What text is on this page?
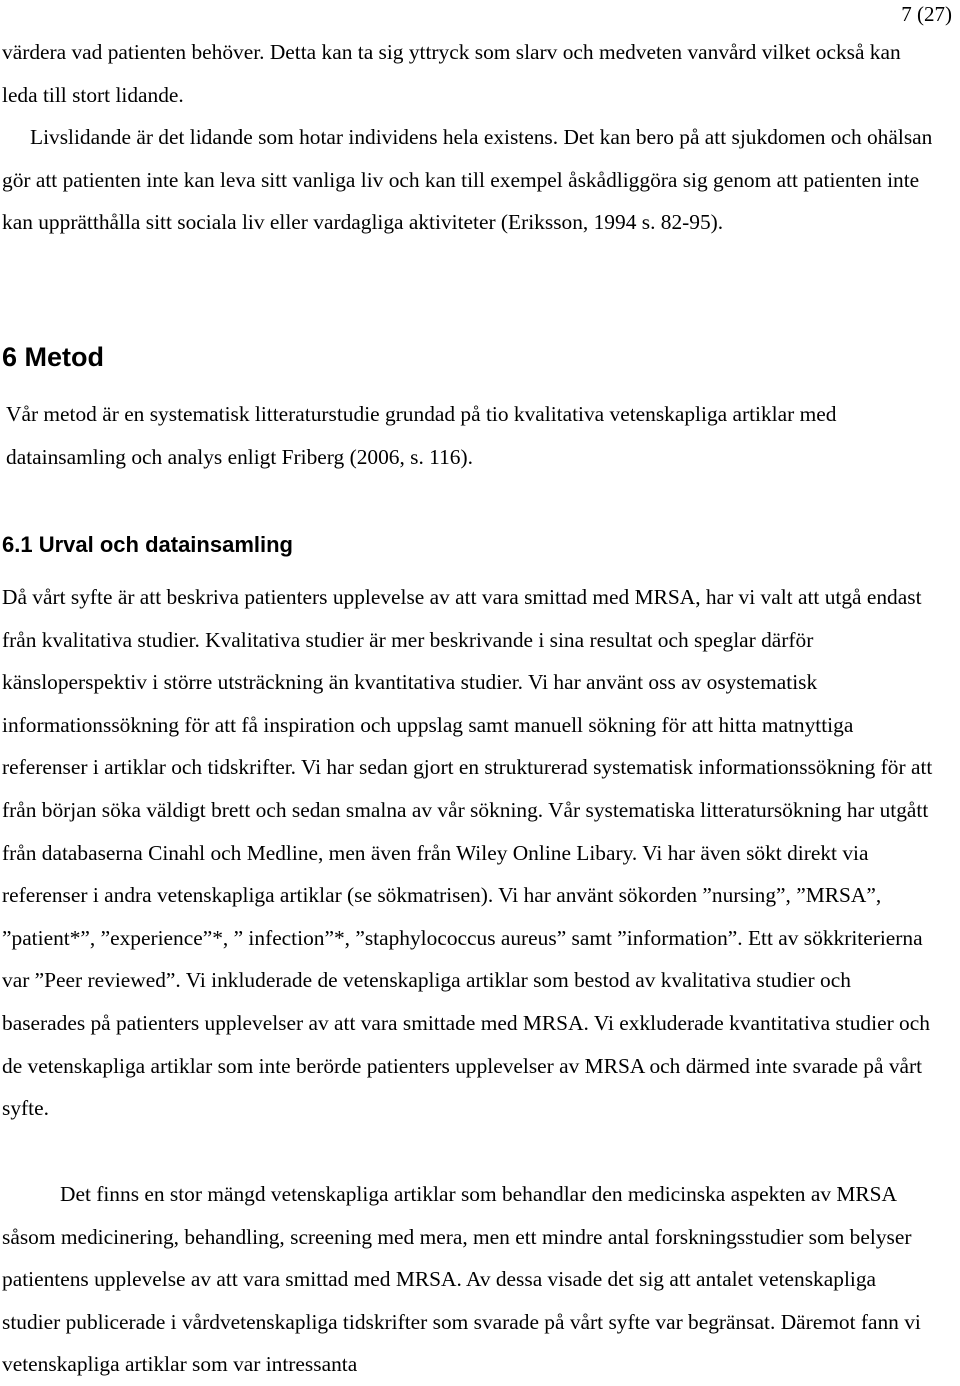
7 (27)

värdera vad patienten behöver. Detta kan ta sig yttryck som slarv och medveten vanvård vilket också kan leda till stort lidande.

Livslidande är det lidande som hotar individens hela existens. Det kan bero på att sjukdomen och ohälsan gör att patienten inte kan leva sitt vanliga liv och kan till exempel åskådliggöra sig genom att patienten inte kan upprätthålla sitt sociala liv eller vardagliga aktiviteter (Eriksson, 1994 s. 82-95).

6 Metod

Vår metod är en systematisk litteraturstudie grundad på tio kvalitativa vetenskapliga artiklar med datainsamling och analys enligt Friberg (2006, s. 116).

6.1 Urval och datainsamling

Då vårt syfte är att beskriva patienters upplevelse av att vara smittad med MRSA, har vi valt att utgå endast från kvalitativa studier. Kvalitativa studier är mer beskrivande i sina resultat och speglar därför känsloperspektiv i större utsträckning än kvantitativa studier. Vi har använt oss av osystematisk informationssökning för att få inspiration och uppslag samt manuell sökning för att hitta matnyttiga referenser i artiklar och tidskrifter. Vi har sedan gjort en strukturerad systematisk informationssökning för att från början söka väldigt brett och sedan smalna av vår sökning. Vår systematiska litteratursökning har utgått från databaserna Cinahl och Medline, men även från Wiley Online Libary. Vi har även sökt direkt via referenser i andra vetenskapliga artiklar (se sökmatrisen). Vi har använt sökorden ”nursing”, ”MRSA”, ”patient*”, ”experience”*, ” infection”*, ”staphylococcus aureus” samt ”information”. Ett av sökkriterierna var ”Peer reviewed”. Vi inkluderade de vetenskapliga artiklar som bestod av kvalitativa studier och baserades på patienters upplevelser av att vara smittade med MRSA. Vi exkluderade kvantitativa studier och de vetenskapliga artiklar som inte berörde patienters upplevelser av MRSA och därmed inte svarade på vårt syfte.

Det finns en stor mängd vetenskapliga artiklar som behandlar den medicinska aspekten av MRSA såsom medicinering, behandling, screening med mera, men ett mindre antal forskningsstudier som belyser patientens upplevelse av att vara smittad med MRSA. Av dessa visade det sig att antalet vetenskapliga studier publicerade i vårdvetenskapliga tidskrifter som svarade på vårt syfte var begränsat. Däremot fann vi vetenskapliga artiklar som var intressanta
